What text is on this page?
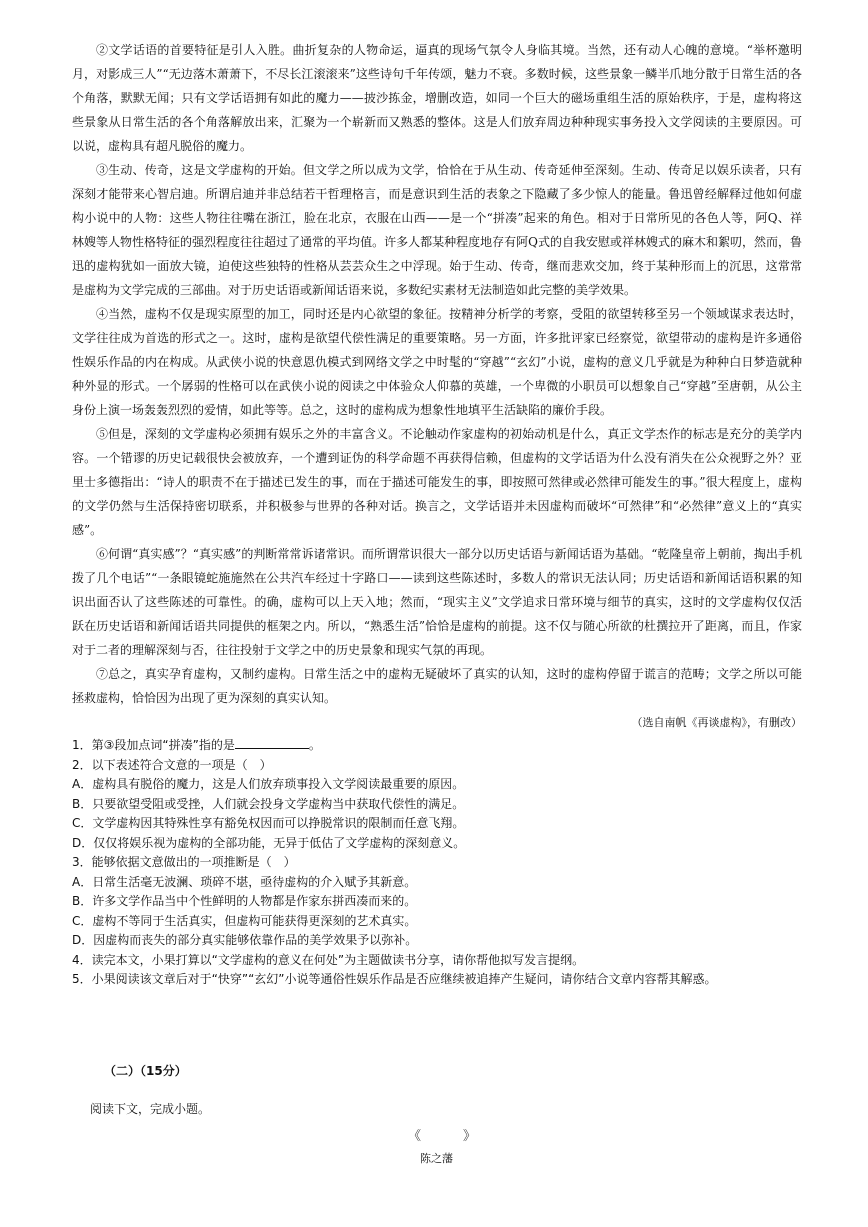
②文学话语的首要特征是引人入胜。曲折复杂的人物命运，逼真的现场气氛令人身临其境。当然，还有动人心魄的意境。“举杯邀明月，对影成三人”“无边落木萧萧下，不尽长江滚滚来”这些诗句千年传颂，魅力不衰。多数时候，这些景象一鳞半爪地分散于日常生活的各个角落，默默无闻；只有文学话语拥有如此的魔力——披沙拣金，增删改造，如同一个巨大的磁场重组生活的原始秩序，于是，虚构将这些景象从日常生活的各个角落解放出来，汇聚为一个崭新而又熟悉的整体。这是人们放弃周边种种现实事务投入文学阅读的主要原因。可以说，虚构具有超凡脱俗的魔力。

③生动、传奇，这是文学虚构的开始。但文学之所以成为文学，恰恰在于从生动、传奇延伸至深刻。生动、传奇足以娱乐读者，只有深刻才能带来心智启迪。所谓启迪并非总结若干哲理格言，而是意识到生活的表象之下隐藏了多少惊人的能量。鲁迅曾经解释过他如何虚构小说中的人物：这些人物往往嘴在浙江，脸在北京，衣服在山西——是一个“拼凑”起来的角色。相对于日常所见的各色人等，阿Q、祥林嫂等人物性格特征的强烈程度往往超过了通常的平均值。许多人都某种程度地存有阿Q式的自我安慰或祥林嫂式的麻木和絮叨，然而，鲁迅的虚构犹如一面放大镜，迫使这些独特的性格从芸芸众生之中浮现。始于生动、传奇，继而悲欢交加，终于某种形而上的沉思，这常常是虚构为文学完成的三部曲。对于历史话语或新闻话语来说，多数纪实素材无法制造如此完整的美学效果。

④当然，虚构不仅是现实原型的加工，同时还是内心欲望的象征。按精神分析学的考察，受阻的欲望转移至另一个领域谋求表达时，文学往往成为首选的形式之一。这时，虚构是欲望代偿性满足的重要策略。另一方面，许多批评家已经察觉，欲望带动的虚构是许多通俗性娱乐作品的内在构成。从武侠小说的快意恩仇模式到网络文学之中时髦的“穿越”“玄幻”小说，虚构的意义几乎就是为种种白日梦造就种种外显的形式。一个孱弱的性格可以在武侠小说的阅读之中体验众人仰慕的英雄，一个卑微的小职员可以想象自己“穿越”至唐朝，从公主身份上演一场轰轰烈烈的爱情，如此等等。总之，这时的虚构成为想象性地填平生活缺陷的廉价手段。

⑤但是，深刻的文学虚构必须拥有娱乐之外的丰富含义。不论触动作家虚构的初始动机是什么，真正文学杰作的标志是充分的美学内容。一个错谬的历史记载很快会被放弃，一个遭到证伪的科学命题不再获得信赖，但虚构的文学话语为什么没有消失在公众视野之外？亚里士多德指出：“诗人的职责不在于描述已发生的事，而在于描述可能发生的事，即按照可然律或必然律可能发生的事。”很大程度上，虚构的文学仍然与生活保持密切联系，并积极参与世界的各种对话。换言之，文学话语并未因虚构而破坏“可然律”和“必然律”意义上的“真实感”。

⑥何谓“真实感”？“真实感”的判断常常诉诸常识。而所谓常识很大一部分以历史话语与新闻话语为基础。“乾隆皇帝上朝前，掏出手机拨了几个电话”“一条眼镜蛇施施然在公共汽车经过十字路口——读到这些陈述时，多数人的常识无法认同；历史话语和新闻话语积累的知识出面否认了这些陈述的可靠性。的确，虚构可以上天入地；然而，“现实主义”文学追求日常环境与细节的真实，这时的文学虚构仅仅活跃在历史话语和新闻话语共同提供的框架之内。所以，“熟悉生活”恰恰是虚构的前提。这不仅与随心所欲的杜撰拉开了距离，而且，作家对于二者的理解深刻与否，往往投射于文学之中的历史景象和现实气氛的再现。

⑦总之，真实孕育虚构，又制约虚构。日常生活之中的虚构无疑破坏了真实的认知，这时的虚构停留于谎言的范畴；文学之所以可能拯救虚构，恰恰因为出现了更为深刻的真实认知。

（选自南帆《再谈虚构》，有删改）

1．第③段加点词“拼凑”指的是	。

2．以下表述符合文意的一项是（　）

A．虚构具有脱俗的魔力，这是人们放弃琐事投入文学阅读最重要的原因。

B．只要欲望受阻或受挫，人们就会投身文学虚构当中获取代偿性的满足。

C．文学虚构因其特殊性享有豁免权因而可以挣脱常识的限制而任意飞翔。

D．仅仅将娱乐视为虚构的全部功能，无异于低估了文学虚构的深刻意义。

3．能够依据文意做出的一项推断是（　）

A．日常生活毫无波澜、琐碎不堪，亟待虚构的介入赋予其新意。

B．许多文学作品当中个性鲜明的人物都是作家东拼西凑而来的。

C．虚构不等同于生活真实，但虚构可能获得更深刻的艺术真实。

D．因虚构而丧失的部分真实能够依靠作品的美学效果予以弥补。

4．读完本文，小果打算以“文学虚构的意义在何处”为主题做读书分享，请你帮他拟写发言提纲。

5．小果阅读该文章后对于“快穿”“玄幻”小说等通俗性娱乐作品是否应继续被追捧产生疑问，请你结合文章内容帮其解惑。

（二）（15分）
阅读下文，完成小题。
《	》
陈之藩
